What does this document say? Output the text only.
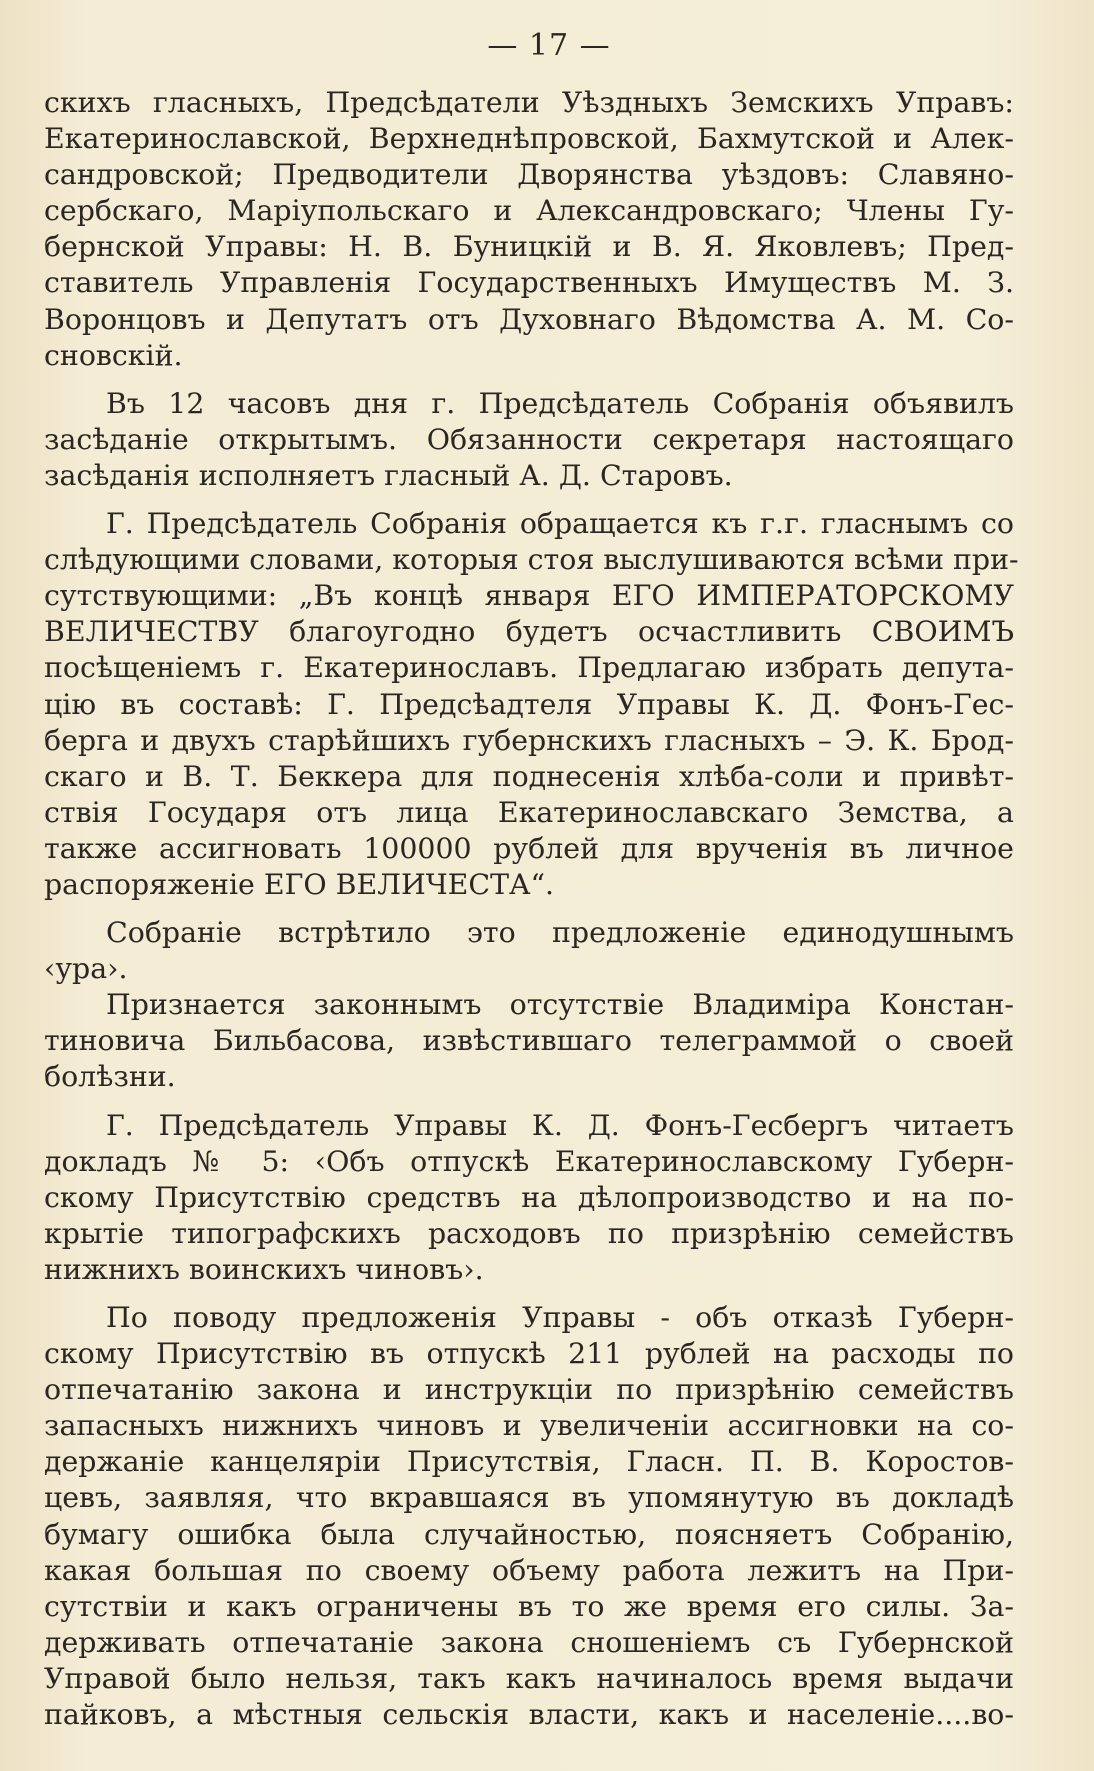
— 17 —
скихъ гласныхъ, Предсѣдатели Уѣздныхъ Земскихъ Управъ:
Екатеринославской, Верхнеднѣпровской, Бахмутской и Алек-
сандровской; Предводители Дворянства уѣздовъ: Славяно-
сербскаго, Маріупольскаго и Александровскаго; Члены Гу-
бернской Управы: Н. В. Буницкій и В. Я. Яковлевъ; Пред-
ставитель Управленія Государственныхъ Имуществъ М. З.
Воронцовъ и Депутатъ отъ Духовнаго Вѣдомства А. М. Со-
сновскій.
Въ 12 часовъ дня г. Предсѣдатель Собранія объявилъ
засѣданіе открытымъ. Обязанности секретаря настоящаго
засѣданія исполняетъ гласный А. Д. Старовъ.
Г. Предсѣдатель Собранія обращается къ г.г. гласнымъ со
слѣдующими словами, которыя стоя выслушиваются всѣми при-
сутствующими: „Въ концѣ января ЕГО ИМПЕРАТОРСКОМУ
ВЕЛИЧЕСТВУ благоугодно будетъ осчастливить СВОИМЪ
посѣщеніемъ г. Екатеринославъ. Предлагаю избрать депута-
цію въ составѣ: Г. Предсѣадтеля Управы К. Д. Фонъ-Гес-
берга и двухъ старѣйшихъ губернскихъ гласныхъ – Э. К. Брод-
скаго и В. Т. Беккера для поднесенія хлѣба-соли и привѣт-
ствія Государя отъ лица Екатеринославскаго Земства, а
также ассигновать 100000 рублей для врученія въ личное
распоряженіе ЕГО ВЕЛИЧЕСТА“.
Собраніе встрѣтило это предложеніе единодушнымъ
‹ура›.
Признается законнымъ отсутствіе Владиміра Констан-
тиновича Бильбасова, извѣстившаго телеграммой о своей
болѣзни.
Г. Предсѣдатель Управы К. Д. Фонъ-Гесбергъ читаетъ
докладъ № 5: ‹Объ отпускѣ Екатеринославскому Губерн-
скому Присутствію средствъ на дѣлопроизводство и на по-
крытіе типографскихъ расходовъ по призрѣнію семействъ
нижнихъ воинскихъ чиновъ›.
По поводу предложенія Управы - объ отказѣ Губерн-
скому Присутствію въ отпускѣ 211 рублей на расходы по
отпечатанію закона и инструкціи по призрѣнію семействъ
запасныхъ нижнихъ чиновъ и увеличеніи ассигновки на со-
держаніе канцеляріи Присутствія, Гласн. П. В. Коростов-
цевъ, заявляя, что вкравшаяся въ упомянутую въ докладѣ
бумагу ошибка была случайностью, поясняетъ Собранію,
какая большая по своему объему работа лежитъ на При-
сутствіи и какъ ограничены въ то же время его силы. За-
держивать отпечатаніе закона сношеніемъ съ Губернской
Управой было нельзя, такъ какъ начиналось время выдачи
пайковъ, а мѣстныя сельскія власти, какъ и населеніе....во-
